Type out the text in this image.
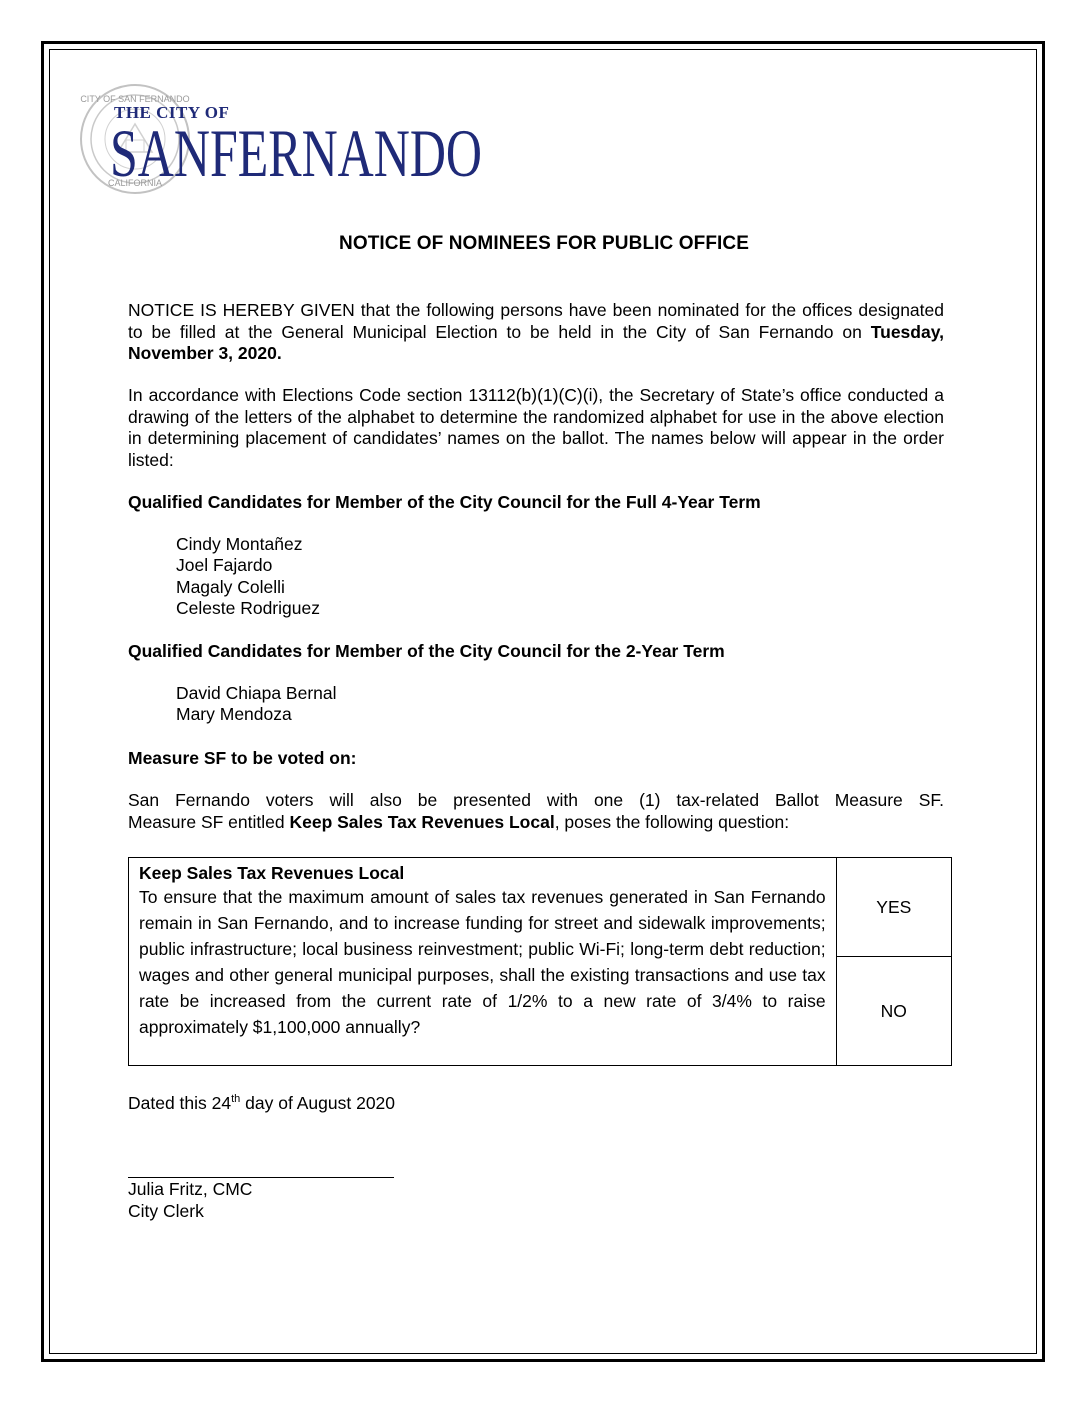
CITY OF SAN FERNANDO
CALIFORNIA
THE CITY OF
SANFERNANDO
NOTICE OF NOMINEES FOR PUBLIC OFFICE
NOTICE IS HEREBY GIVEN that the following persons have been nominated for the offices designated to be filled at the General Municipal Election to be held in the City of San Fernando on Tuesday, November 3, 2020.
In accordance with Elections Code section 13112(b)(1)(C)(i), the Secretary of State’s office conducted a drawing of the letters of the alphabet to determine the randomized alphabet for use in the above election in determining placement of candidates’ names on the ballot. The names below will appear in the order listed:
Qualified Candidates for Member of the City Council for the Full 4-Year Term
Cindy Montañez
Joel Fajardo
Magaly Colelli
Celeste Rodriguez
Qualified Candidates for Member of the City Council for the 2-Year Term
David Chiapa Bernal
Mary Mendoza
Measure SF to be voted on:
San Fernando voters will also be presented with one (1) tax-related Ballot Measure SF.
Measure SF entitled Keep Sales Tax Revenues Local, poses the following question:
Keep Sales Tax Revenues Local
To ensure that the maximum amount of sales tax revenues generated in San Fernando remain in San Fernando, and to increase funding for street and sidewalk improvements; public infrastructure; local business reinvestment; public Wi-Fi; long-term debt reduction; wages and other general municipal purposes, shall the existing transactions and use tax rate be increased from the current rate of 1/2% to a new rate of 3/4% to raise approximately $1,100,000 annually?
	YES
NO
Dated this 24th day of August 2020
Julia Fritz, CMC
City Clerk
